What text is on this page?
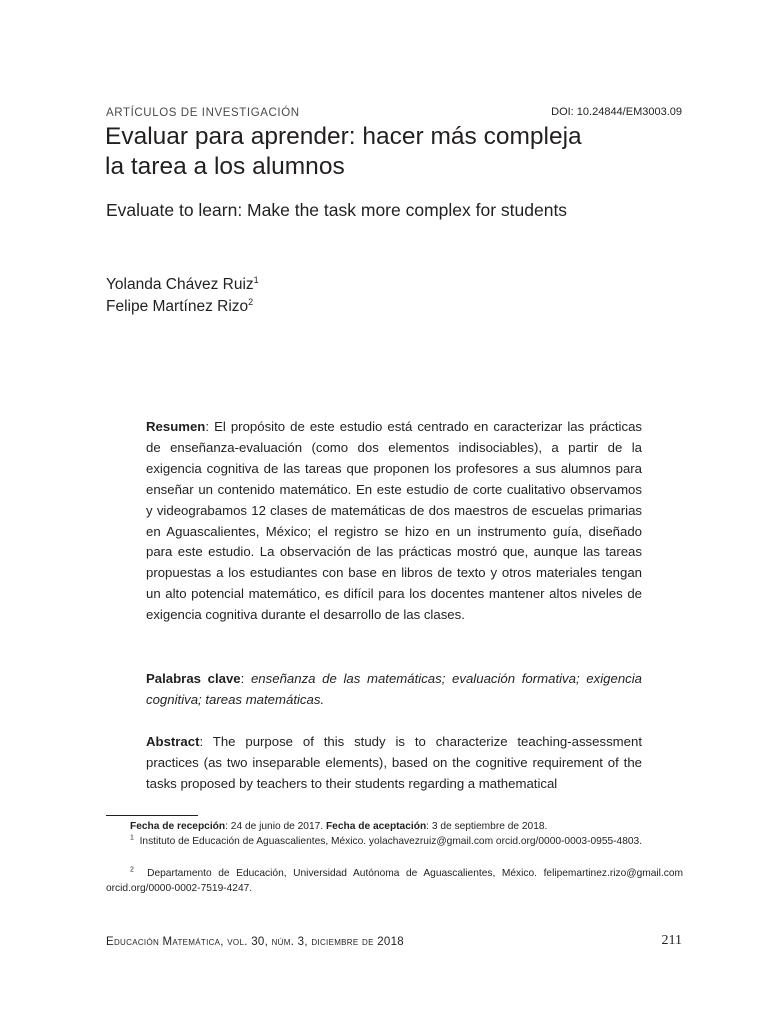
ARTÍCULOS DE INVESTIGACIÓN	DOI: 10.24844/EM3003.09
Evaluar para aprender: hacer más compleja
la tarea a los alumnos
Evaluate to learn: Make the task more complex for students
Yolanda Chávez Ruiz$^1$
Felipe Martínez Rizo$^2$
Resumen: El propósito de este estudio está centrado en caracterizar las prácticas de enseñanza-evaluación (como dos elementos indisociables), a partir de la exigencia cognitiva de las tareas que proponen los profesores a sus alumnos para enseñar un contenido matemático. En este estudio de corte cualitativo observamos y videograbamos 12 clases de matemáticas de dos maestros de escuelas primarias en Aguascalientes, México; el registro se hizo en un instrumento guía, diseñado para este estudio. La observación de las prácticas mostró que, aunque las tareas propuestas a los estudiantes con base en libros de texto y otros materiales tengan un alto potencial matemático, es difícil para los docentes mantener altos niveles de exigencia cognitiva durante el desarrollo de las clases.
Palabras clave: enseñanza de las matemáticas; evaluación formativa; exigencia cognitiva; tareas matemáticas.
Abstract: The purpose of this study is to characterize teaching-assessment practices (as two inseparable elements), based on the cognitive requirement of the tasks proposed by teachers to their students regarding a mathematical
Fecha de recepción: 24 de junio de 2017. Fecha de aceptación: 3 de septiembre de 2018.
$^1$ Instituto de Educación de Aguascalientes, México. yolachavezruiz@gmail.com orcid.org/0000-0003-0955-4803.
$^2$ Departamento de Educación, Universidad Autónoma de Aguascalientes, México. felipemartinez.rizo@gmail.com orcid.org/0000-0002-7519-4247.
Educación Matemática, vol. 30, núm. 3, diciembre de 2018	211
